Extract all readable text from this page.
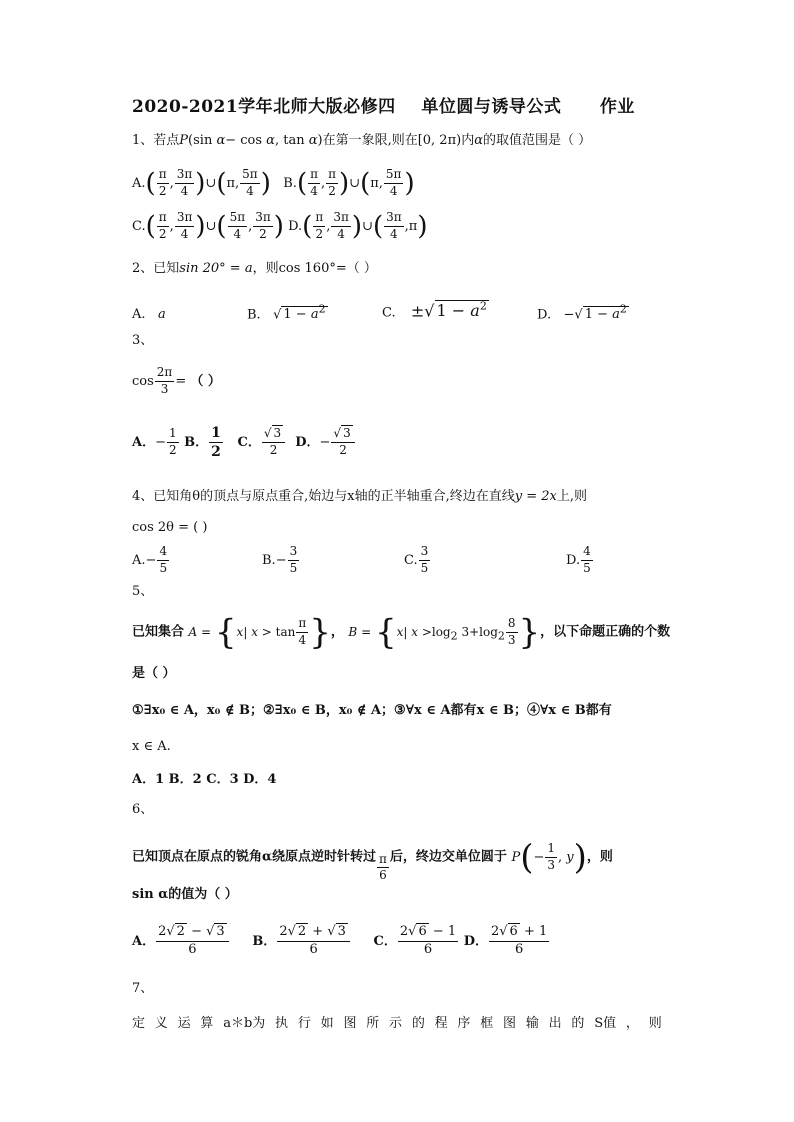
2020-2021学年北师大版必修四    单位圆与诱导公式      作业
1、若点P(sin α− cos α, tan α)在第一象限,则在[0, 2π)内α的取值范围是（ ）
$A.( \frac{\pi}{2}$ , $\frac{3\pi}{4}$ )∪(π, $\frac{5\pi}{4}$ ) $B.( \frac{\pi}{4}$ , $\frac{\pi}{2}$ )∪(π, $\frac{5\pi}{4}$ )
$C.( \frac{\pi}{2}$ , $\frac{3\pi}{4}$ )∪( $\frac{5\pi}{4}$ , $\frac{3\pi}{2}$ ) $D.( \frac{\pi}{2}$ , $\frac{3\pi}{4}$ )∪( $\frac{3\pi}{4} ,\pi$)
2、已知sin 20° = a，则cos 160°=（ ）
A. a	B.   √ $1 - a^2$	C. ±√ $1 - a^2$
D. −√ $1 - a^2$
3、
$\cos \frac{2\pi}{3}$ = （ ）
A．− $\frac{1}{2}$ B． $\frac{1}{2}$ C． $\frac{√ 3}{2}$ D．− $\frac{√ 3}{2}$
4、已知角θ的顶点与原点重合,始边与x轴的正半轴重合,终边在直线y = 2x上,则
cos 2θ = ( )
$A.- \frac{4}{5}$	$B.- \frac{3}{5}$	C. $\frac{3}{5}$	D. $\frac{4}{5}$
5、
已知集合 A = {x| $x > \tan \frac{\pi}{4}$ }， B = {x| $x >\log_2$ $3+\log_2 \frac{8}{3}$ }，以下命题正确的个数
是（ ）
①∃x₀ ∈ A，x₀ ∉ B；②∃x₀ ∈ B，x₀ ∉ A；③∀x ∈ A都有x ∈ B；④∀x ∈ B都有
x ∈ A.
A．1 B．2 C．3 D．4
6、
已知顶点在原点的锐角α绕原点逆时针转过 $\frac{\pi}{6}$ 后，终边交单位圆于 $P(- \frac{1}{3}$ , y)，则
sin α的值为（ ）
A． $\frac{2√ 2 - √ 3}{6}$ B． $\frac{2√ 2 + √ 3}{6}$ C． $\frac{2√ 6 - 1}{6}$ D． $\frac{2√ 6 + 1}{6}$
7、
定 义 运 算 a＊b为 执 行 如 图 所 示 的 程 序 框 图 输 出 的 S值 ， 则
